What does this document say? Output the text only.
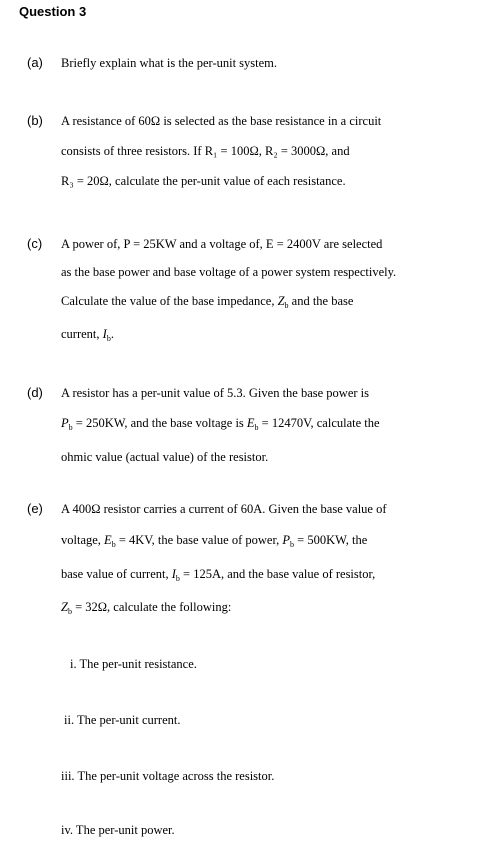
Question 3
(a) Briefly explain what is the per-unit system.
(b) A resistance of 60Ω is selected as the base resistance in a circuit
consists of three resistors. If R₁ = 100Ω, R₂ = 3000Ω, and
R₃ = 20Ω, calculate the per-unit value of each resistance.
(c) A power of, P = 25KW and a voltage of, E = 2400V are selected
as the base power and base voltage of a power system respectively.
Calculate the value of the base impedance, $Z_b$ and the base
current, $I_b$.
(d) A resistor has a per-unit value of 5.3. Given the base power is
$P_b = 250KW$, and the base voltage is $E_b = 12470V$, calculate the
ohmic value (actual value) of the resistor.
(e) A 400Ω resistor carries a current of 60A. Given the base value of
voltage, $E_b = 4KV$, the base value of power, $P_b = 500KW$, the
base value of current, $I_b = 125A$, and the base value of resistor,
$Z_b = 32\Omega$, calculate the following:
i. The per-unit resistance.
ii. The per-unit current.
iii. The per-unit voltage across the resistor.
iv. The per-unit power.
